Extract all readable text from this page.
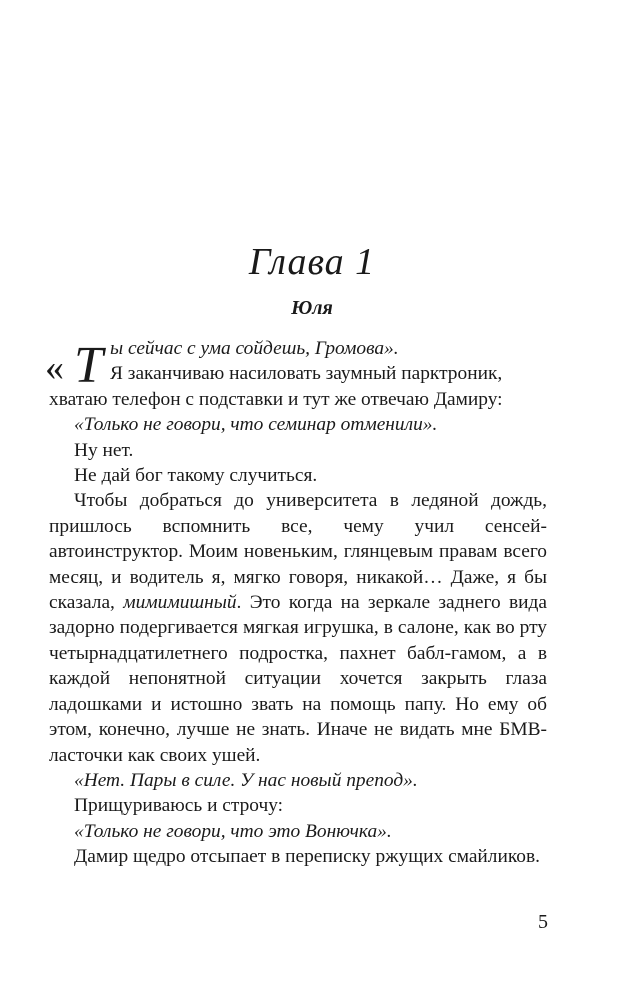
Глава 1
Юля
« Т ы сейчас с ума сойдешь, Громова».
Я заканчиваю насиловать заумный парктроник,

хватаю телефон с подставки и тут же отвечаю Дамиру:

«Только не говори, что семинар отменили».

Ну нет.

Не дай бог такому случиться.

Чтобы добраться до университета в ледяной дождь, пришлось вспомнить все, чему учил сенсей-автоинструктор. Моим новеньким, глянцевым правам всего месяц, и водитель я, мягко говоря, никакой… Даже, я бы сказала, мимимишный. Это когда на зеркале заднего вида задорно подергивается мягкая игрушка, в салоне, как во рту четырнадцатилетнего подростка, пахнет бабл-гамом, а в каждой непонятной ситуации хочется закрыть глаза ладошками и истошно звать на помощь папу. Но ему об этом, конечно, лучше не знать. Иначе не видать мне БМВ-ласточки как своих ушей.

«Нет. Пары в силе. У нас новый препод».

Прищуриваюсь и строчу:

«Только не говори, что это Вонючка».

Дамир щедро отсыпает в переписку ржущих смайликов.

5
